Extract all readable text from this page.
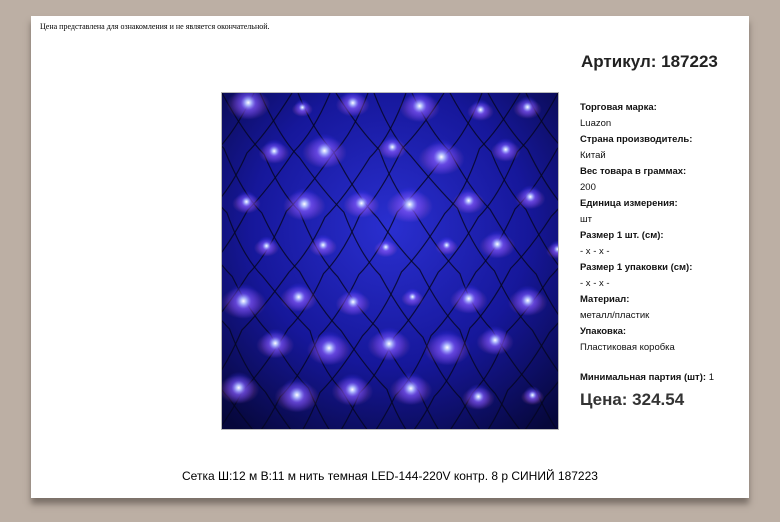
Цена представлена для ознакомления и не является окончательной.
Артикул: 187223
Торговая марка:
Luazon
Страна производитель:
Китай
Вес товара в граммах:
200
Единица измерения:
шт
Размер 1 шт. (см):
- x - x -
Размер 1 упаковки (см):
- x - x -
Материал:
металл/пластик
Упаковка:
Пластиковая коробка
Минимальная партия (шт): 1
Цена: 324.54
Сетка Ш:12 м В:11 м нить темная LED-144-220V контр. 8 р СИНИЙ 187223
